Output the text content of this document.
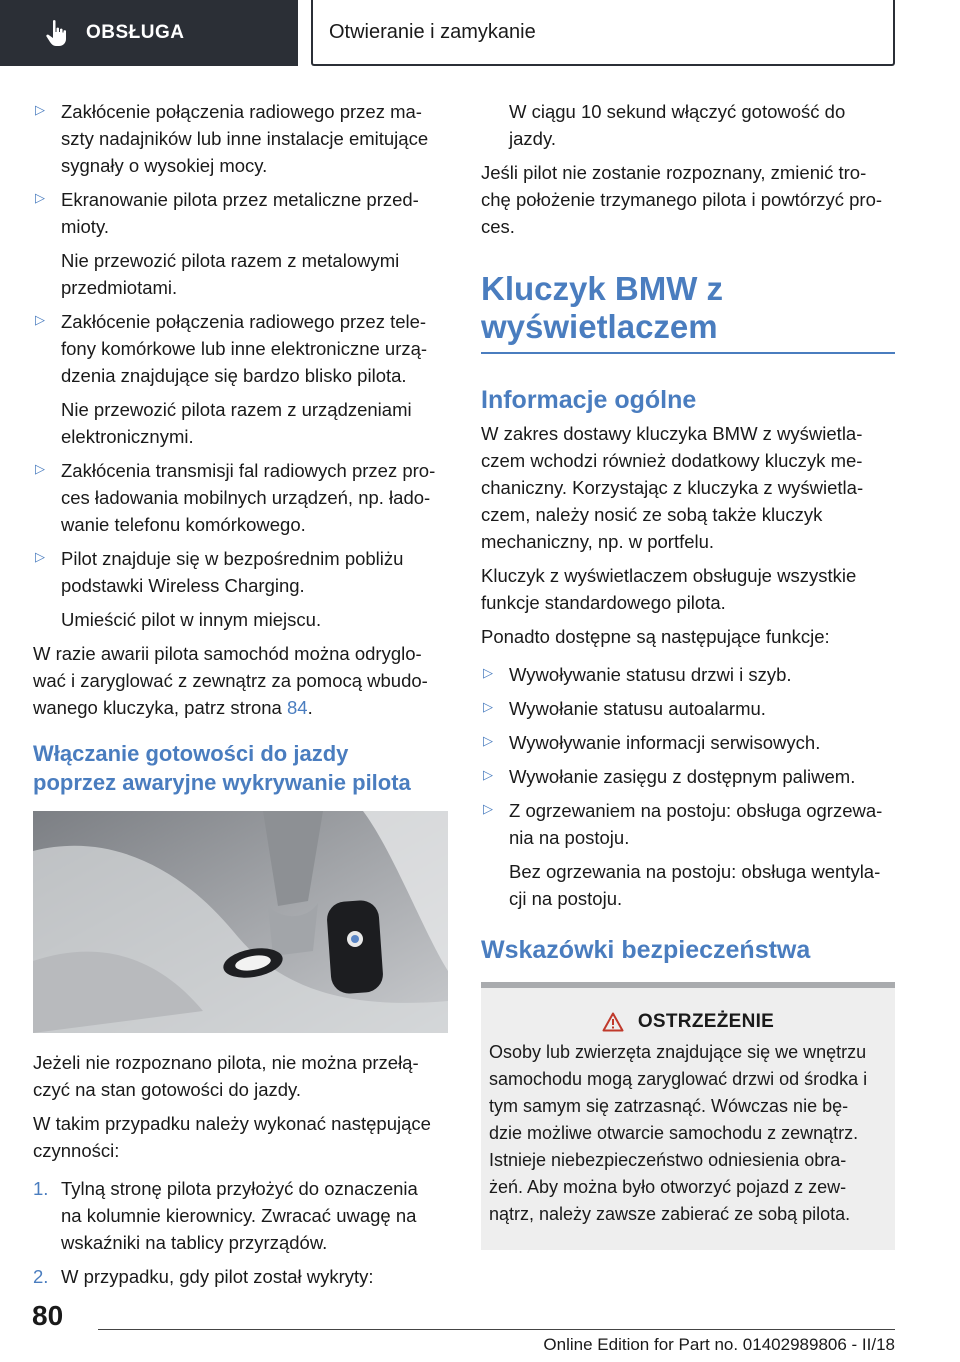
OBSŁUGA	Otwieranie i zamykanie
▷ Zakłócenie połączenia radiowego przez ma-
szty nadajników lub inne instalacje emitujące
sygnały o wysokiej mocy.

▷ Ekranowanie pilota przez metaliczne przed-
mioty.

Nie przewozić pilota razem z metalowymi
przedmiotami.

▷ Zakłócenie połączenia radiowego przez tele-
fony komórkowe lub inne elektroniczne urzą-
dzenia znajdujące się bardzo blisko pilota.

Nie przewozić pilota razem z urządzeniami
elektronicznymi.

▷ Zakłócenia transmisji fal radiowych przez pro-
ces ładowania mobilnych urządzeń, np. łado-
wanie telefonu komórkowego.

▷ Pilot znajduje się w bezpośrednim pobliżu
podstawki Wireless Charging.

Umieścić pilot w innym miejscu.

W razie awarii pilota samochód można odryglo-
wać i zaryglować z zewnątrz za pomocą wbudo-
wanego kluczyka, patrz strona 84.

Włączanie gotowości do jazdy
poprzez awaryjne wykrywanie pilota

Jeżeli nie rozpoznano pilota, nie można przełą-
czyć na stan gotowości do jazdy.

W takim przypadku należy wykonać następujące
czynności:

1. Tylną stronę pilota przyłożyć do oznaczenia
na kolumnie kierownicy. Zwracać uwagę na
wskaźniki na tablicy przyrządów.

2. W przypadku, gdy pilot został wykryty:

W ciągu 10 sekund włączyć gotowość do
jazdy.

Jeśli pilot nie zostanie rozpoznany, zmienić tro-
chę położenie trzymanego pilota i powtórzyć pro-
ces.

Kluczyk BMW z
wyświetlaczem
Informacje ogólne

W zakres dostawy kluczyka BMW z wyświetla-
czem wchodzi również dodatkowy kluczyk me-
chaniczny. Korzystając z kluczyka z wyświetla-
czem, należy nosić ze sobą także kluczyk
mechaniczny, np. w portfelu.

Kluczyk z wyświetlaczem obsługuje wszystkie
funkcje standardowego pilota.

Ponadto dostępne są następujące funkcje:

▷ Wywoływanie statusu drzwi i szyb.

▷ Wywołanie statusu autoalarmu.

▷ Wywoływanie informacji serwisowych.

▷ Wywołanie zasięgu z dostępnym paliwem.

▷ Z ogrzewaniem na postoju: obsługa ogrzewa-
nia na postoju.

Bez ogrzewania na postoju: obsługa wentyla-
cji na postoju.

Wskazówki bezpieczeństwa
OSTRZEŻENIE

Osoby lub zwierzęta znajdujące się we wnętrzu
samochodu mogą zaryglować drzwi od środka i
tym samym się zatrzasnąć. Wówczas nie bę-
dzie możliwe otwarcie samochodu z zewnątrz.
Istnieje niebezpieczeństwo odniesienia obra-
żeń. Aby można było otworzyć pojazd z zew-
nątrz, należy zawsze zabierać ze sobą pilota.

80
Online Edition for Part no. 01402989806 - II/18
